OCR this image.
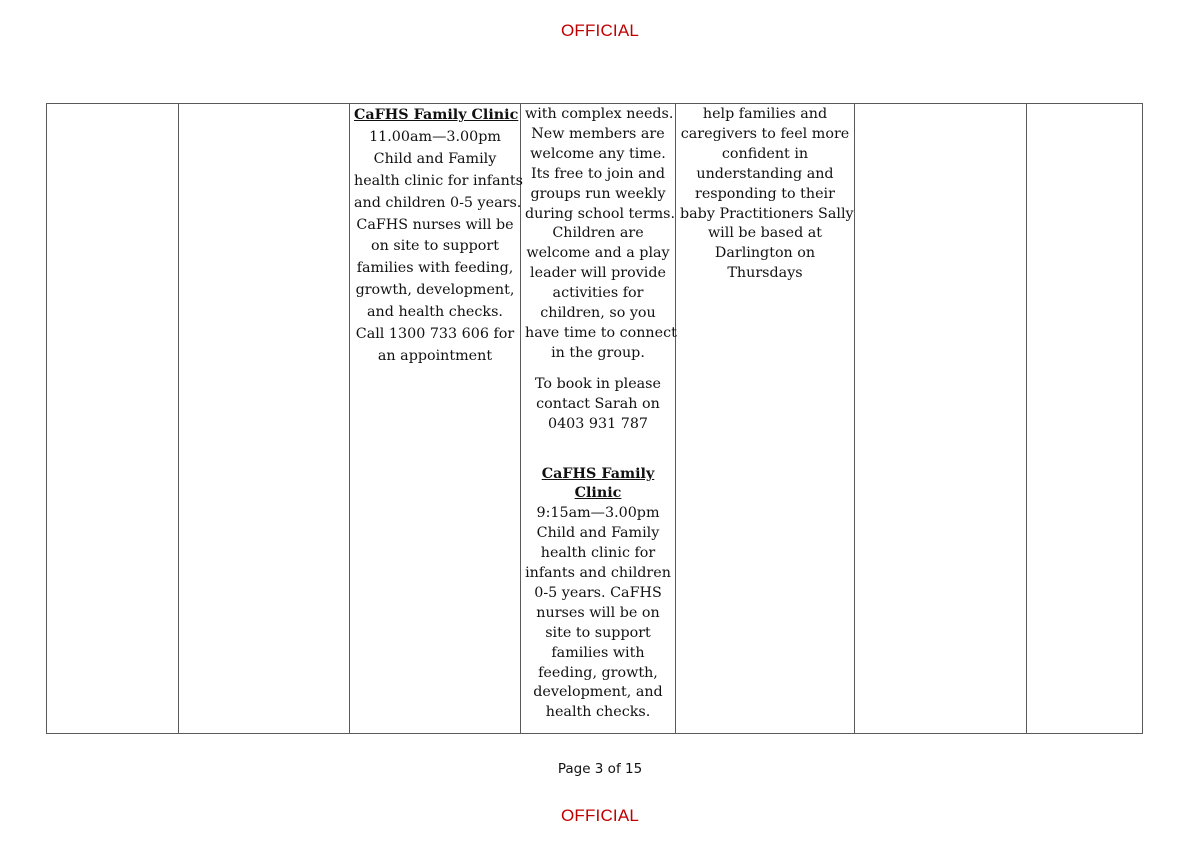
OFFICIAL
CaFHS Family Clinic
11.00am—3.00pm
Child and Family
health clinic for infants
and children 0-5 years.
CaFHS nurses will be
on site to support
families with feeding,
growth, development,
and health checks.
Call 1300 733 606 for
an appointment
with complex needs.
New members are
welcome any time.
Its free to join and
groups run weekly
during school terms.
Children are
welcome and a play
leader will provide
activities for
children, so you
have time to connect
in the group.
To book in please
contact Sarah on
0403 931 787
CaFHS Family
Clinic
9:15am—3.00pm
Child and Family
health clinic for
infants and children
0-5 years. CaFHS
nurses will be on
site to support
families with
feeding, growth,
development, and
health checks.
help families and
caregivers to feel more
confident in
understanding and
responding to their
baby Practitioners Sally
will be based at
Darlington on
Thursdays
Page 3 of 15
OFFICIAL
